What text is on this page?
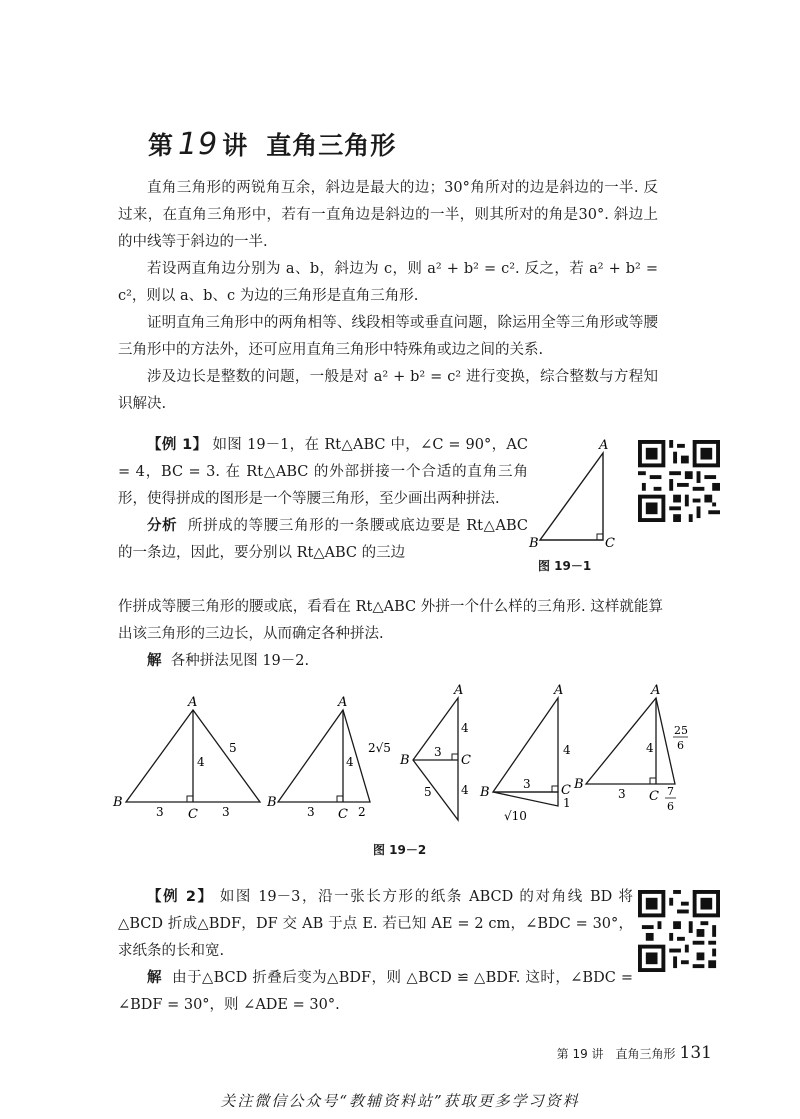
第 19 讲 直角三角形

直角三角形的两锐角互余，斜边是最大的边；30°角所对的边是斜边的一半. 反过来，在直角三角形中，若有一直角边是斜边的一半，则其所对的角是30°. 斜边上的中线等于斜边的一半.

若设两直角边分别为 a、b，斜边为 c，则 a² + b² = c². 反之，若 a² + b² = c²，则以 a、b、c 为边的三角形是直角三角形.

证明直角三角形中的两角相等、线段相等或垂直问题，除运用全等三角形或等腰三角形中的方法外，还可应用直角三角形中特殊角或边之间的关系.

涉及边长是整数的问题，一般是对 a² + b² = c² 进行变换，综合整数与方程知识解决.

【例 1】 如图 19－1，在 Rt△ABC 中，∠C = 90°，AC = 4，BC = 3. 在 Rt△ABC 的外部拼接一个合适的直角三角形，使得拼成的图形是一个等腰三角形，至少画出两种拼法.

分析 所拼成的等腰三角形的一条腰或底边要是 Rt△ABC 的一条边，因此，要分别以 Rt△ABC 的三边

作拼成等腰三角形的腰或底，看看在 Rt△ABC 外拼一个什么样的三角形. 这样就能算出该三角形的三边长，从而确定各种拼法.

解 各种拼法见图 19－2.

A
B	C
图 19－1
A
B
C
3	3
4
5
A
B
C
3	2
4
2√5
A
B	C
4
4
3
5
A
B	C
4
3
1
√10
A
B
C
4
3
25
6
7
6
图 19－2

【例 2】 如图 19－3，沿一张长方形的纸条 ABCD 的对角线 BD 将△BCD 折成△BDF，DF 交 AB 于点 E. 若已知 AE = 2 cm，∠BDC = 30°，求纸条的长和宽.

解 由于△BCD 折叠后变为△BDF，则 △BCD ≌ △BDF. 这时，∠BDC = ∠BDF = 30°，则 ∠ADE = 30°.

第 19 讲　直角三角形 131
关注微信公众号“教辅资料站”获取更多学习资料
